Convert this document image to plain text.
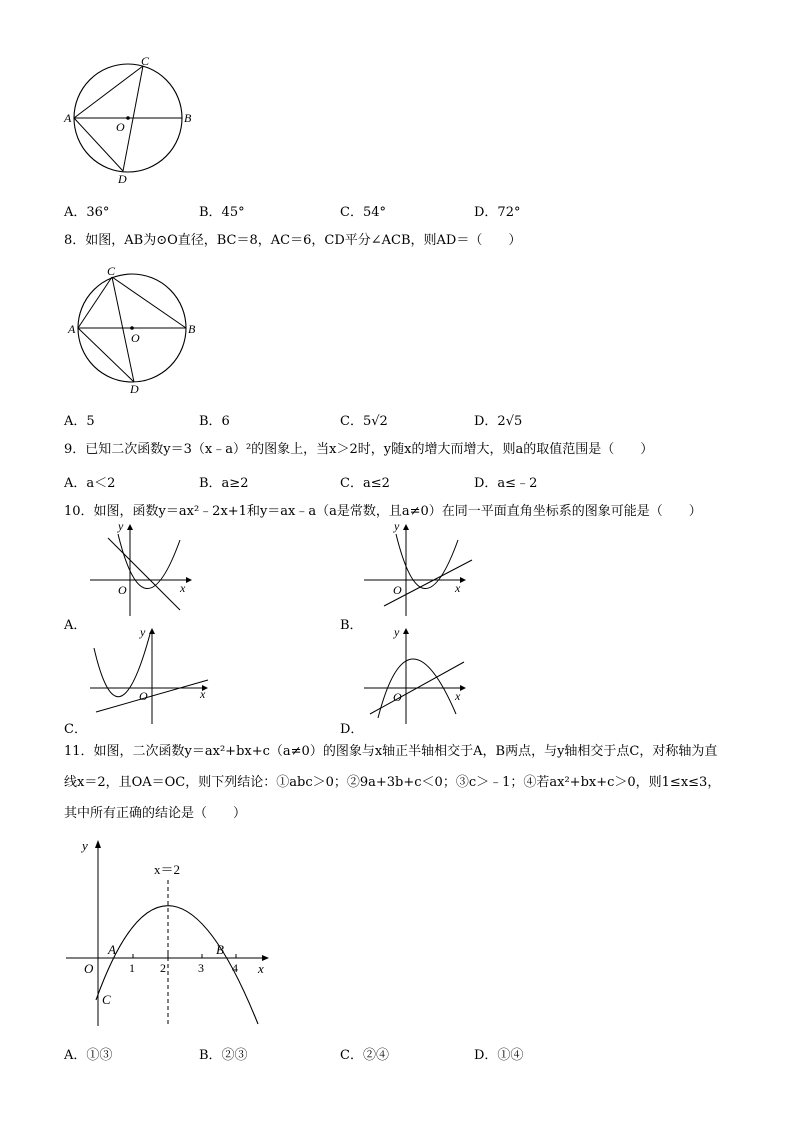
A	B
C
D
O
A．36°	B．45°	C．54°	D．72°
8．如图，AB为⊙O直径，BC＝8，AC＝6，CD平分∠ACB，则AD＝（　　）
A	B
C
D
O
A．5	B．6	C．5√2	D．2√5
9．已知二次函数y＝3（x﹣a）²的图象上，当x＞2时，y随x的增大而增大，则a的取值范围是（　　）
A．a＜2	B．a≥2	C．a≤2	D．a≤﹣2
10．如图，函数y＝ax²﹣2x+1和y＝ax﹣a（a是常数，且a≠0）在同一平面直角坐标系的图象可能是（　　）
y
x
O
A．
y
x
O
B．
y
x
O
C．
y
x
O
D．
11．如图，二次函数y＝ax²+bx+c（a≠0）的图象与x轴正半轴相交于A，B两点，与y轴相交于点C，对称轴为直
线x＝2，且OA＝OC，则下列结论：①abc＞0；②9a+3b+c＜0；③c＞﹣1；④若ax²+bx+c＞0，则1≤x≤3，
其中所有正确的结论是（　　）
y
x
x＝2
O
A	B
C
1 2	3 4
A．①③	B．②③	C．②④	D．①④
